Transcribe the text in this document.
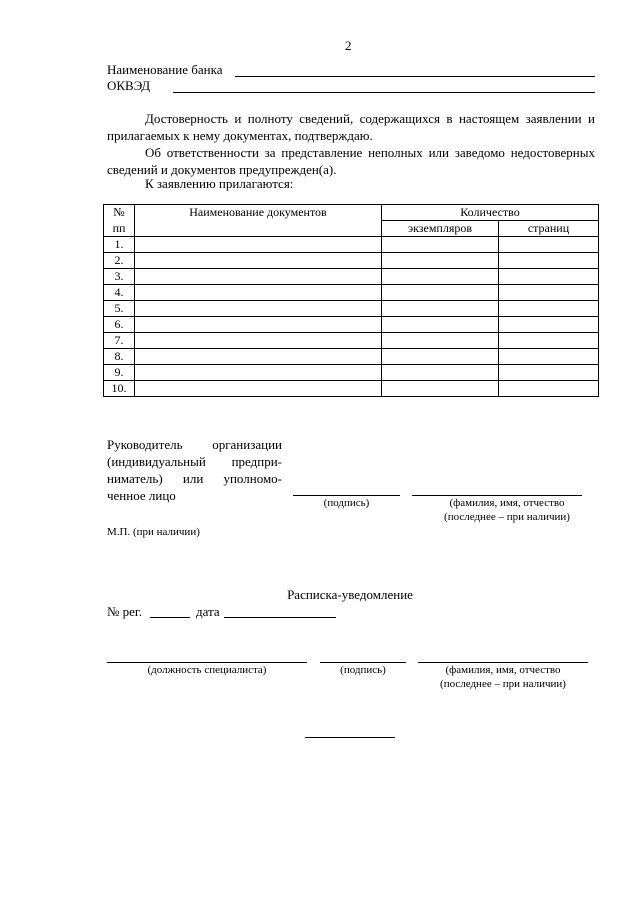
2
Наименование банка
ОКВЭД
Достоверность и полноту сведений, содержащихся в настоящем заявлении и прилагаемых к нему документах, подтверждаю.
Об ответственности за представление неполных или заведомо недостоверных сведений и документов предупрежден(а).
К заявлению прилагаются:
№	Наименование документов	Количество	
пп		экземпляров	страниц
1.			
2.			
3.			
4.			
5.			
6.			
7.			
8.			
9.			
10.			
Руководитель организации
(индивидуальный предпри-
ниматель) или уполномо-
ченное лицо	(подпись)	(фамилия, имя, отчество
(последнее – при наличии)
М.П. (при наличии)
Расписка-уведомление
№ рег.	дата
(должность специалиста)	(подпись)	(фамилия, имя, отчество
(последнее – при наличии)
